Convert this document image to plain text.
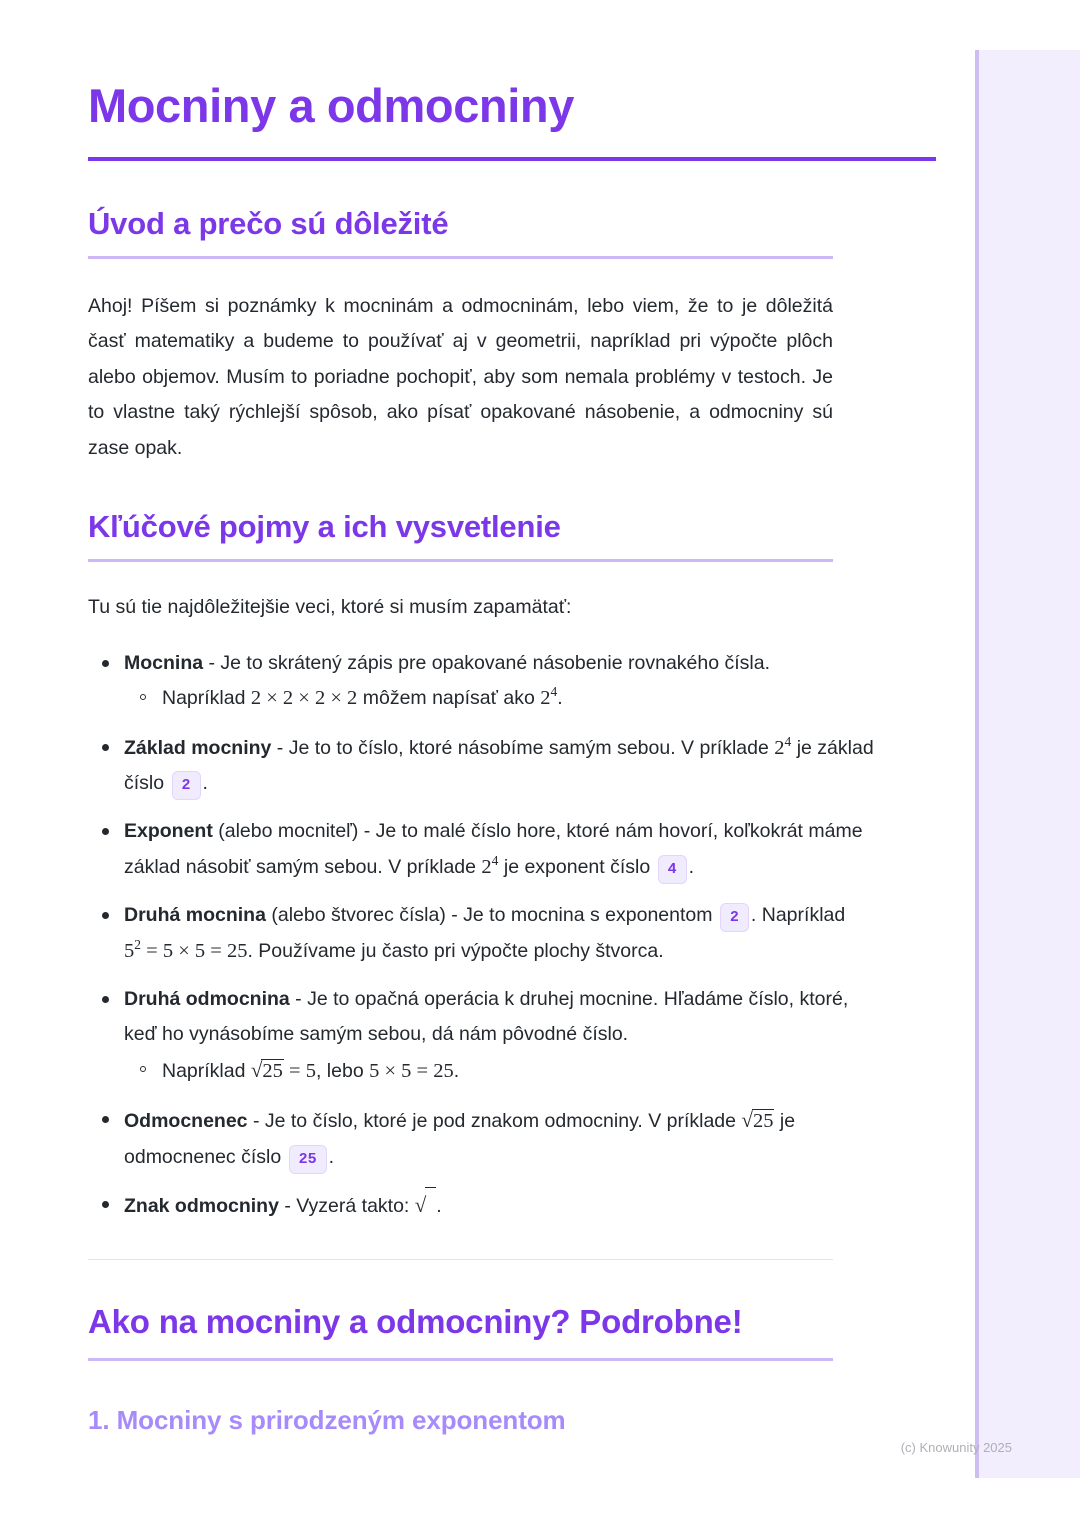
Mocniny a odmocniny
Úvod a prečo sú dôležité

Ahoj! Píšem si poznámky k mocninám a odmocninám, lebo viem, že to je dôležitá časť matematiky a budeme to používať aj v geometrii, napríklad pri výpočte plôch alebo objemov. Musím to poriadne pochopiť, aby som nemala problémy v testoch. Je to vlastne taký rýchlejší spôsob, ako písať opakované násobenie, a odmocniny sú zase opak.

Kľúčové pojmy a ich vysvetlenie

Tu sú tie najdôležitejšie veci, ktoré si musím zapamätať:

Mocnina - Je to skrátený zápis pre opakované násobenie rovnakého čísla.
Napríklad 2 × 2 × 2 × 2 môžem napísať ako $2^4$.
Základ mocniny - Je to to číslo, ktoré násobíme samým sebou. V príklade $2^4$ je základ číslo 2 .
Exponent (alebo mocniteľ) - Je to malé číslo hore, ktoré nám hovorí, koľkokrát máme základ násobiť samým sebou. V príklade $2^4$ je exponent číslo 4 .
Druhá mocnina (alebo štvorec čísla) - Je to mocnina s exponentom 2 . Napríklad $5^2 = 5 \times 5 = 25$. Používame ju často pri výpočte plochy štvorca.
Druhá odmocnina - Je to opačná operácia k druhej mocnine. Hľadáme číslo, ktoré, keď ho vynásobíme samým sebou, dá nám pôvodné číslo.
Napríklad √25 = 5, lebo 5 × 5 = 25.
Odmocnenec - Je to číslo, ktoré je pod znakom odmocniny. V príklade √25 je odmocnenec číslo 25 .
Znak odmocniny - Vyzerá takto: √ .
Ako na mocniny a odmocniny? Podrobne!
1. Mocniny s prirodzeným exponentom
(c) Knowunity 2025
